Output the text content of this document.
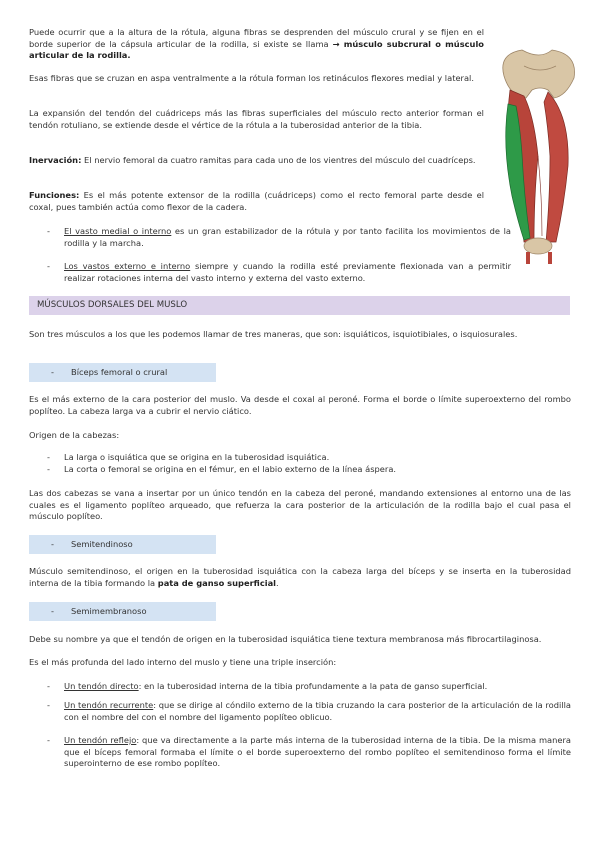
Puede ocurrir que a la altura de la rótula, alguna fibras se desprenden del músculo crural y se fijen en el borde superior de la cápsula articular de la rodilla, si existe se llama → músculo subcrural o músculo articular de la rodilla.

Esas fibras que se cruzan en aspa ventralmente a la rótula forman los retináculos flexores medial y lateral.

La expansión del tendón del cuádriceps más las fibras superficiales del músculo recto anterior forman el tendón rotuliano, se extiende desde el vértice de la rótula a la tuberosidad anterior de la tibia.

Inervación: El nervio femoral da cuatro ramitas para cada uno de los vientres del músculo del cuadríceps.

Funciones: Es el más potente extensor de la rodilla (cuádriceps) como el recto femoral parte desde el coxal, pues también actúa como flexor de la cadera.

- El vasto medial o interno es un gran estabilizador de la rótula y por tanto facilita los movimientos de la rodilla y la marcha.
- Los vastos externo e interno siempre y cuando la rodilla esté previamente flexionada van a permitir realizar rotaciones interna del vasto interno y externa del vasto externo.
MÚSCULOS DORSALES DEL MUSLO

Son tres músculos a los que les podemos llamar de tres maneras, que son: isquiáticos, isquiotibiales, o isquiosurales.

- Bíceps femoral o crural

Es el más externo de la cara posterior del muslo. Va desde el coxal al peroné. Forma el borde o límite superoexterno del rombo poplíteo. La cabeza larga va a cubrir el nervio ciático.

Origen de la cabezas:

- La larga o isquiática que se origina en la tuberosidad isquiática.
- La corta o femoral se origina en el fémur, en el labio externo de la línea áspera.

Las dos cabezas se vana a insertar por un único tendón en la cabeza del peroné, mandando extensiones al entorno una de las cuales es el ligamento poplíteo arqueado, que refuerza la cara posterior de la articulación de la rodilla bajo el cual pasa el músculo poplíteo.

- Semitendinoso

Músculo semitendinoso, el origen en la tuberosidad isquiática con la cabeza larga del bíceps y se inserta en la tuberosidad interna de la tibia formando la pata de ganso superficial.

- Semimembranoso

Debe su nombre ya que el tendón de origen en la tuberosidad isquiática tiene textura membranosa más fibrocartilaginosa.

Es el más profunda del lado interno del muslo y tiene una triple inserción:

- Un tendón directo: en la tuberosidad interna de la tibia profundamente a la pata de ganso superficial.
- Un tendón recurrente: que se dirige al cóndilo externo de la tibia cruzando la cara posterior de la articulación de la rodilla con el nombre del con el nombre del ligamento poplíteo oblicuo.
- Un tendón reflejo: que va directamente a la parte más interna de la tuberosidad interna de la tibia. De la misma manera que el bíceps femoral formaba el límite o el borde superoexterno del rombo poplíteo el semitendinoso forma el límite superointerno de ese rombo poplíteo.
